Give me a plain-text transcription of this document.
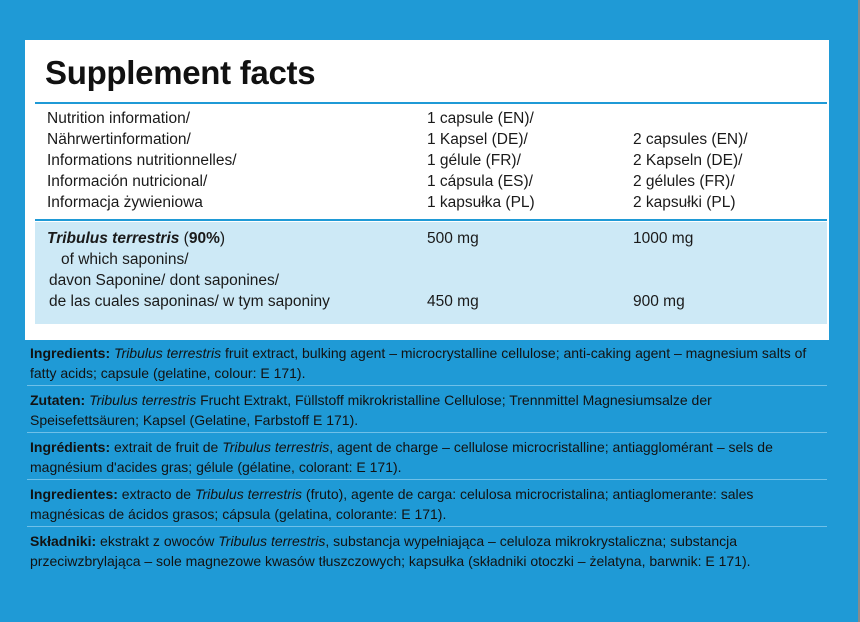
Supplement facts
Nutrition information/
Nährwertinformation/
Informations nutritionnelles/
Información nutricional/
Informacja żywieniowa
1 capsule (EN)/
1 Kapsel (DE)/
1 gélule (FR)/
1 cápsula (ES)/
1 kapsułka (PL)
2 capsules (EN)/
2 Kapseln (DE)/
2 gélules (FR)/
2 kapsułki (PL)
Tribulus terrestris (90%)
of which saponins/
davon Saponine/ dont saponines/
de las cuales saponinas/ w tym saponiny
500 mg
450 mg
1000 mg
900 mg
Ingredients: Tribulus terrestris fruit extract, bulking agent – microcrystalline cellulose; anti-caking agent – magnesium salts of fatty acids; capsule (gelatine, colour: E 171).
Zutaten: Tribulus terrestris Frucht Extrakt, Füllstoff mikrokristalline Cellulose; Trennmittel Magnesiumsalze der Speisefettsäuren; Kapsel (Gelatine, Farbstoff E 171).
Ingrédients: extrait de fruit de Tribulus terrestris, agent de charge – cellulose microcristalline; antiagglomérant – sels de magnésium d'acides gras; gélule (gélatine, colorant: E 171).
Ingredientes: extracto de Tribulus terrestris (fruto), agente de carga: celulosa microcristalina; antiaglomerante: sales magnésicas de ácidos grasos; cápsula (gelatina, colorante: E 171).
Składniki: ekstrakt z owoców Tribulus terrestris, substancja wypełniająca – celuloza mikrokrystaliczna; substancja przeciwzbrylająca – sole magnezowe kwasów tłuszczowych; kapsułka (składniki otoczki – żelatyna, barwnik: E 171).
